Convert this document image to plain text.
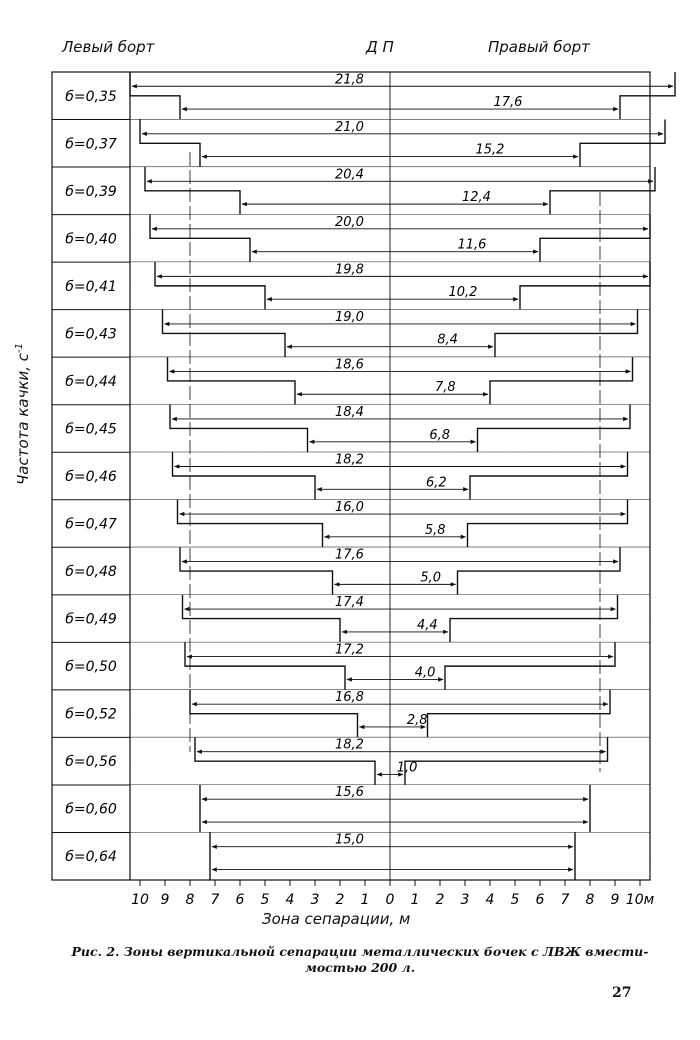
Левый борт	Д П	Правый борт
Частота качки, $с^{-1}$
21,8
17,6
б=0,35
21,0
15,2
б=0,37
20,4
12,4
б=0,39
20,0
11,6
б=0,40
19,8
10,2
б=0,41
19,0
8,4
б=0,43
18,6
7,8
б=0,44
18,4
6,8
б=0,45
18,2
6,2
б=0,46
16,0
5,8
б=0,47
17,6
5,0
б=0,48
17,4
4,4
б=0,49
17,2
4,0
б=0,50
16,8
2,8
б=0,52
18,2
1,0
б=0,56
15,6
б=0,60
15,0
б=0,64
10 9 8 7 6 5 4 3 2 1 0 1 2 3 4 5 6 7 8 9 10м
Зона сепарации, м
Рис. 2. Зоны вертикальной сепарации металлических бочек с ЛВЖ вмести-
мостью 200 л.
27
